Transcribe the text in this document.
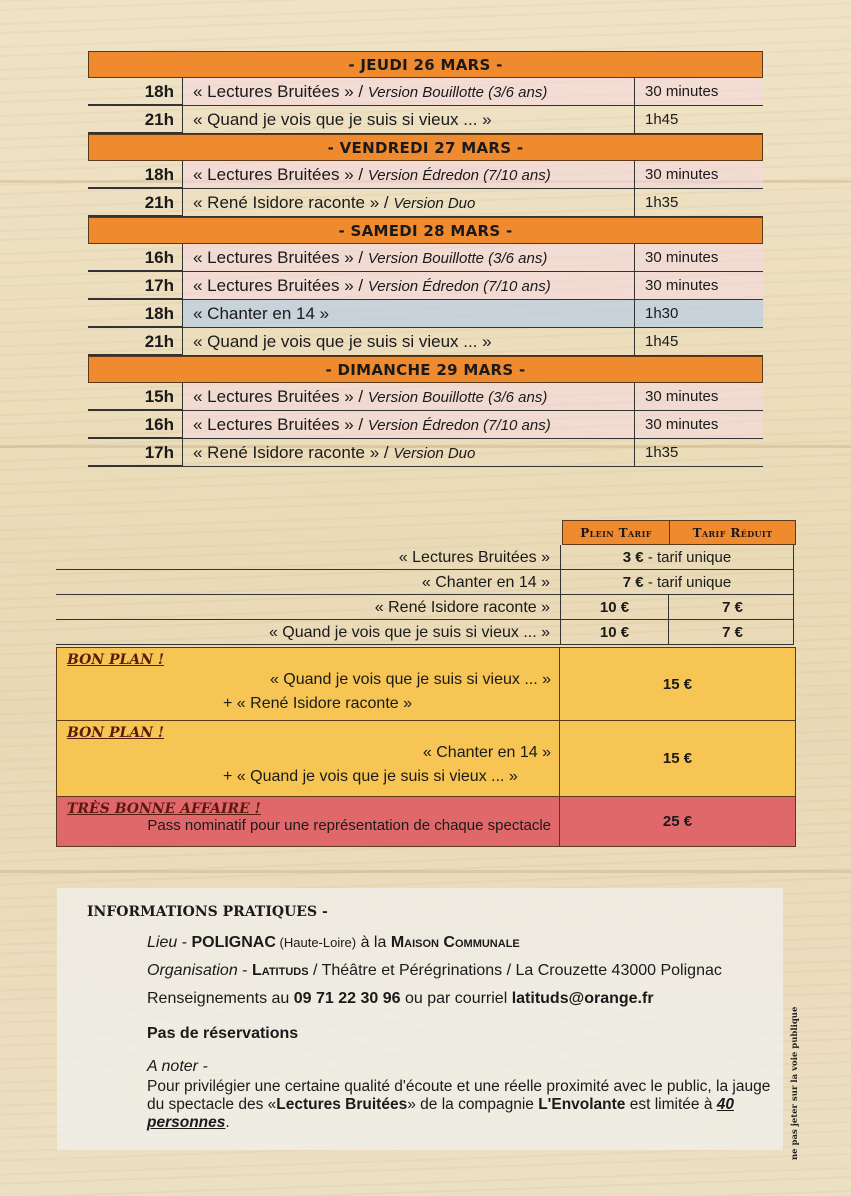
- JEUDI 26 MARS -
18h	« Lectures Bruitées » / Version Bouillotte (3/6 ans)	30 minutes
21h	« Quand je vois que je suis si vieux ... »	1h45
- VENDREDI 27 MARS -
18h	« Lectures Bruitées » / Version Édredon (7/10 ans)	30 minutes
21h	« René Isidore raconte » / Version Duo	1h35
- SAMEDI 28 MARS -
16h	« Lectures Bruitées » / Version Bouillotte (3/6 ans)	30 minutes
17h	« Lectures Bruitées » / Version Édredon (7/10 ans)	30 minutes
18h	« Chanter en 14 »	1h30
21h	« Quand je vois que je suis si vieux ... »	1h45
- DIMANCHE 29 MARS -
15h	« Lectures Bruitées » / Version Bouillotte (3/6 ans)	30 minutes
16h	« Lectures Bruitées » / Version Édredon (7/10 ans)	30 minutes
17h	« René Isidore raconte » / Version Duo	1h35
Plein Tarif	Tarif Réduit
« Lectures Bruitées »	3 € - tarif unique
« Chanter en 14 »	7 € - tarif unique
« René Isidore raconte »	10 €	7 €
« Quand je vois que je suis si vieux ... »	10 €	7 €
BON PLAN !
« Quand je vois que je suis si vieux ... »
+ « René Isidore raconte »
15 €
BON PLAN !
« Chanter en 14 »
+ « Quand je vois que je suis si vieux ... »
15 €
TRÈS BONNE AFFAIRE !
Pass nominatif pour une représentation de chaque spectacle	25 €
INFORMATIONS PRATIQUES -
Lieu - POLIGNAC (Haute-Loire) à la Maison Communale
Organisation - Latituds / Théâtre et Pérégrinations / La Crouzette 43000 Polignac
Renseignements au 09 71 22 30 96 ou par courriel latituds@orange.fr
Pas de réservations
A noter -
Pour privilégier une certaine qualité d'écoute et une réelle proximité avec le public, la jauge du spectacle des «Lectures Bruitées» de la compagnie L'Envolante est limitée à 40 personnes.	ne pas jeter sur la voie publique
